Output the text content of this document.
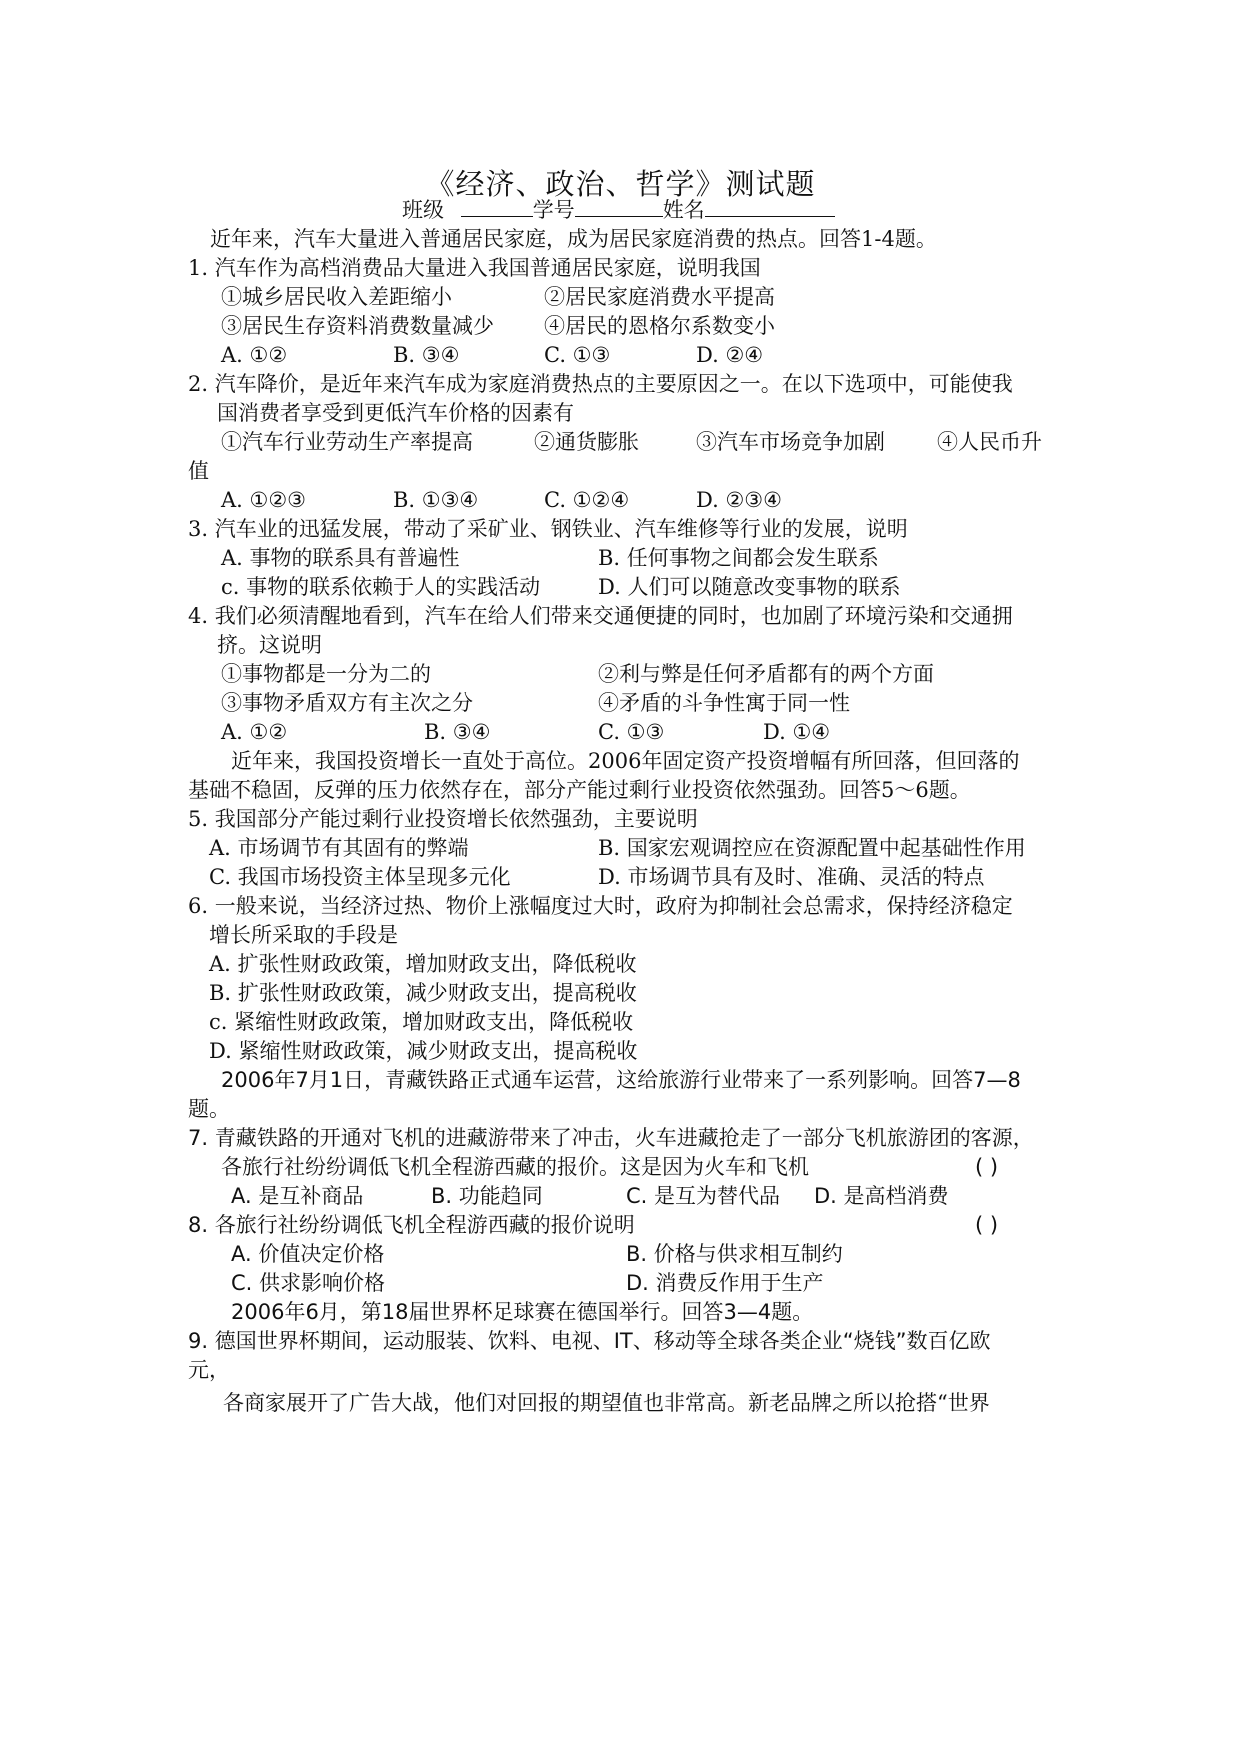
《经济、政治、哲学》测试题
班级	学号	姓名
近年来，汽车大量进入普通居民家庭，成为居民家庭消费的热点。回答1-4题。
1. 汽车作为高档消费品大量进入我国普通居民家庭，说明我国
①城乡居民收入差距缩小	②居民家庭消费水平提高
③居民生存资料消费数量减少 ④居民的恩格尔系数变小
A. ①②	B. ③④	C. ①③	D. ②④
2. 汽车降价，是近年来汽车成为家庭消费热点的主要原因之一。在以下选项中，可能使我
国消费者享受到更低汽车价格的因素有
①汽车行业劳动生产率提高	②通货膨胀	③汽车市场竞争加剧 ④人民币升
值
A. ①②③	B. ①③④	C. ①②④	D. ②③④
3. 汽车业的迅猛发展，带动了采矿业、钢铁业、汽车维修等行业的发展，说明
A. 事物的联系具有普遍性	B. 任何事物之间都会发生联系
c. 事物的联系依赖于人的实践活动	D. 人们可以随意改变事物的联系
4. 我们必须清醒地看到，汽车在给人们带来交通便捷的同时，也加剧了环境污染和交通拥
挤。这说明
①事物都是一分为二的	②利与弊是任何矛盾都有的两个方面
③事物矛盾双方有主次之分	④矛盾的斗争性寓于同一性
A. ①②	B. ③④	C. ①③	D. ①④
近年来，我国投资增长一直处于高位。2006年固定资产投资增幅有所回落，但回落的
基础不稳固，反弹的压力依然存在，部分产能过剩行业投资依然强劲。回答5～6题。
5. 我国部分产能过剩行业投资增长依然强劲，主要说明
A. 市场调节有其固有的弊端	B. 国家宏观调控应在资源配置中起基础性作用
C. 我国市场投资主体呈现多元化	D. 市场调节具有及时、准确、灵活的特点
6. 一般来说，当经济过热、物价上涨幅度过大时，政府为抑制社会总需求，保持经济稳定
增长所采取的手段是
A. 扩张性财政政策，增加财政支出，降低税收
B. 扩张性财政政策，减少财政支出，提高税收
c. 紧缩性财政政策，增加财政支出，降低税收
D. 紧缩性财政政策，减少财政支出，提高税收
2006年7月1日，青藏铁路正式通车运营，这给旅游行业带来了一系列影响。回答7—8
题。
7. 青藏铁路的开通对飞机的进藏游带来了冲击，火车进藏抢走了一部分飞机旅游团的客源，
各旅行社纷纷调低飞机全程游西藏的报价。这是因为火车和飞机	( )
A. 是互补商品	B. 功能趋同	C. 是互为替代品 D. 是高档消费
8. 各旅行社纷纷调低飞机全程游西藏的报价说明	( )
A. 价值决定价格	B. 价格与供求相互制约
C. 供求影响价格	D. 消费反作用于生产
2006年6月，第18届世界杯足球赛在德国举行。回答3—4题。
9. 德国世界杯期间，运动服装、饮料、电视、IT、移动等全球各类企业“烧钱”数百亿欧
元，
各商家展开了广告大战，他们对回报的期望值也非常高。新老品牌之所以抢搭“世界
